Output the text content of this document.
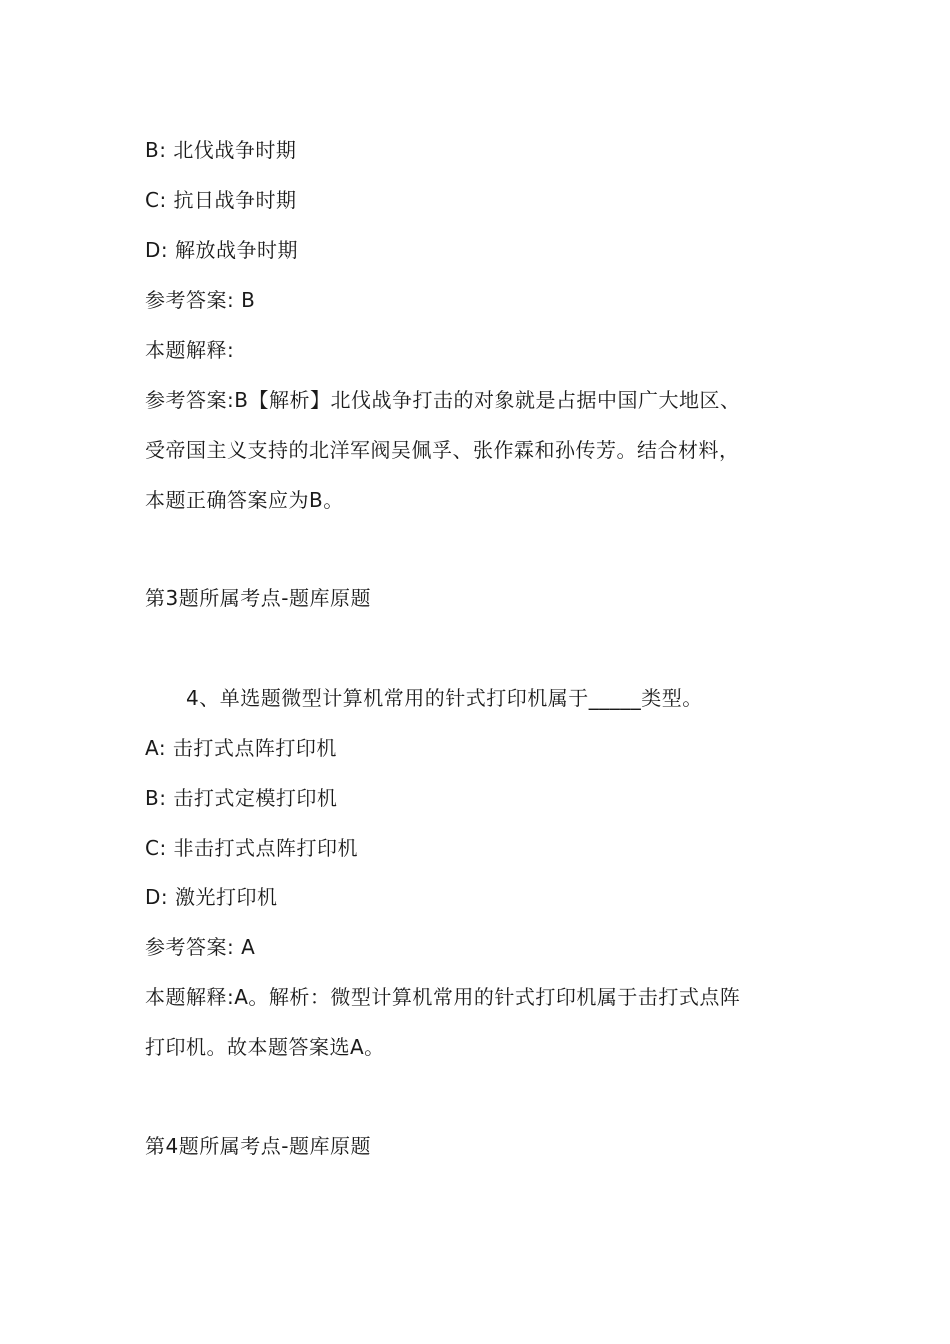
B: 北伐战争时期
C: 抗日战争时期
D: 解放战争时期
参考答案: B
本题解释:
参考答案:B【解析】北伐战争打击的对象就是占据中国广大地区、
受帝国主义支持的北洋军阀吴佩孚、张作霖和孙传芳。结合材料，
本题正确答案应为B。
第3题所属考点-题库原题
4、单选题微型计算机常用的针式打印机属于_____类型。
A: 击打式点阵打印机
B: 击打式定模打印机
C: 非击打式点阵打印机
D: 激光打印机
参考答案: A
本题解释:A。解析：微型计算机常用的针式打印机属于击打式点阵
打印机。故本题答案选A。
第4题所属考点-题库原题
